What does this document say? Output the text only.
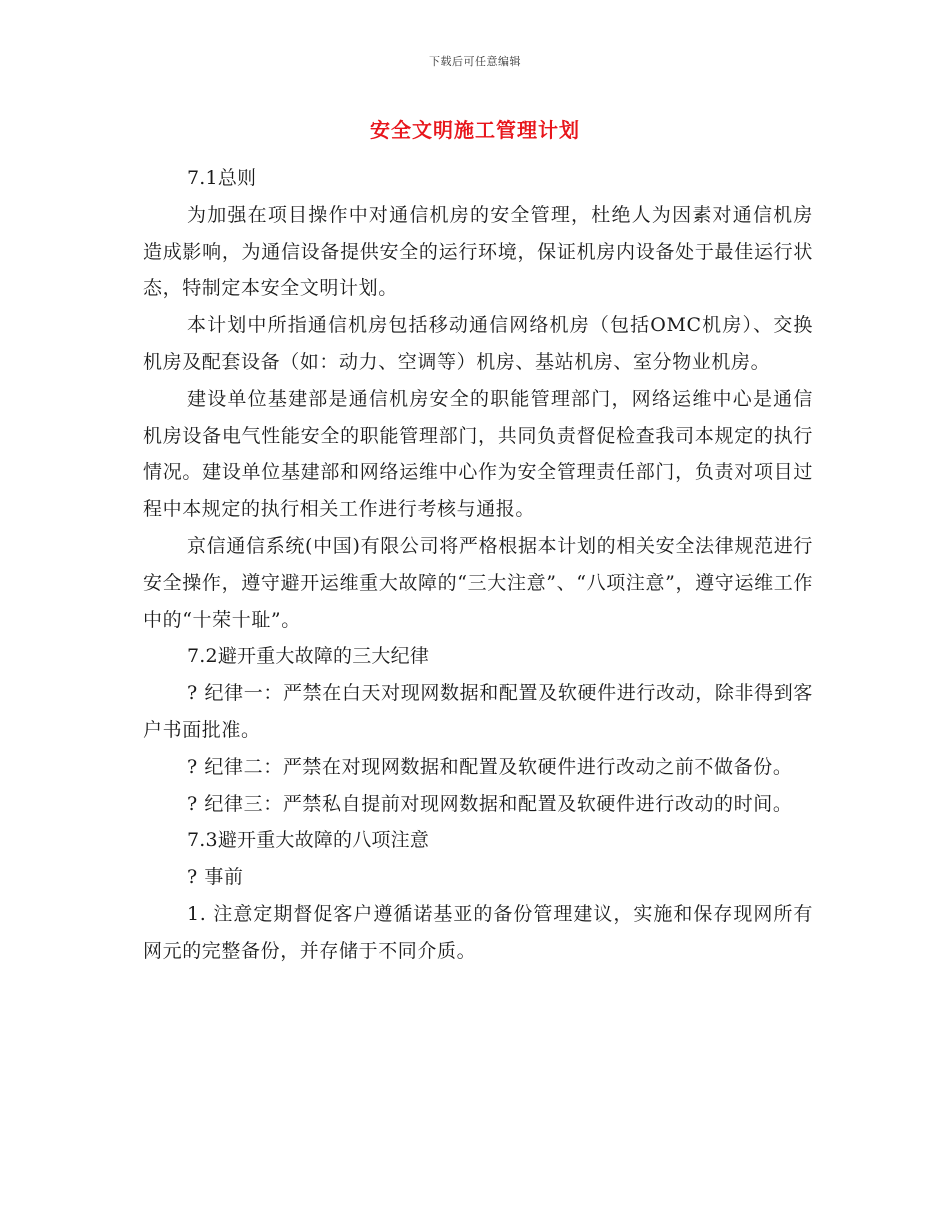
下载后可任意编辑
安全文明施工管理计划

7.1总则

为加强在项目操作中对通信机房的安全管理，杜绝人为因素对通信机房造成影响，为通信设备提供安全的运行环境，保证机房内设备处于最佳运行状态，特制定本安全文明计划。

本计划中所指通信机房包括移动通信网络机房（包括OMC机房）、交换机房及配套设备（如：动力、空调等）机房、基站机房、室分物业机房。

建设单位基建部是通信机房安全的职能管理部门，网络运维中心是通信机房设备电气性能安全的职能管理部门，共同负责督促检查我司本规定的执行情况。建设单位基建部和网络运维中心作为安全管理责任部门，负责对项目过程中本规定的执行相关工作进行考核与通报。

京信通信系统(中国)有限公司将严格根据本计划的相关安全法律规范进行安全操作，遵守避开运维重大故障的“三大注意”、“八项注意”，遵守运维工作中的“十荣十耻”。

7.2避开重大故障的三大纪律

? 纪律一：严禁在白天对现网数据和配置及软硬件进行改动，除非得到客户书面批准。

? 纪律二：严禁在对现网数据和配置及软硬件进行改动之前不做备份。

? 纪律三：严禁私自提前对现网数据和配置及软硬件进行改动的时间。

7.3避开重大故障的八项注意

? 事前

1. 注意定期督促客户遵循诺基亚的备份管理建议，实施和保存现网所有网元的完整备份，并存储于不同介质。
